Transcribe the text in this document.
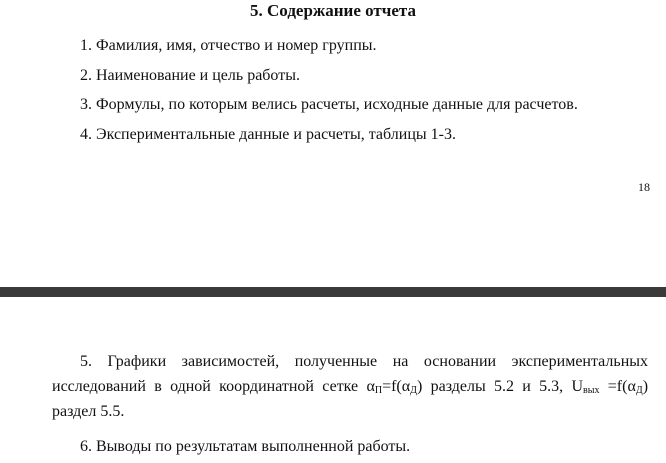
5. Содержание отчета
1. Фамилия, имя, отчество и номер группы.
2. Наименование и цель работы.
3. Формулы, по которым велись расчеты, исходные данные для расчетов.
4. Экспериментальные данные и расчеты, таблицы 1-3.
18
5. Графики зависимостей, полученные на основании экспериментальных
исследований в одной координатной сетке $\alpha_П=f(\alpha_Д)$ разделы 5.2 и 5.3, $U_{вых} =f(\alpha_Д)$
раздел 5.5.
6. Выводы по результатам выполненной работы.
